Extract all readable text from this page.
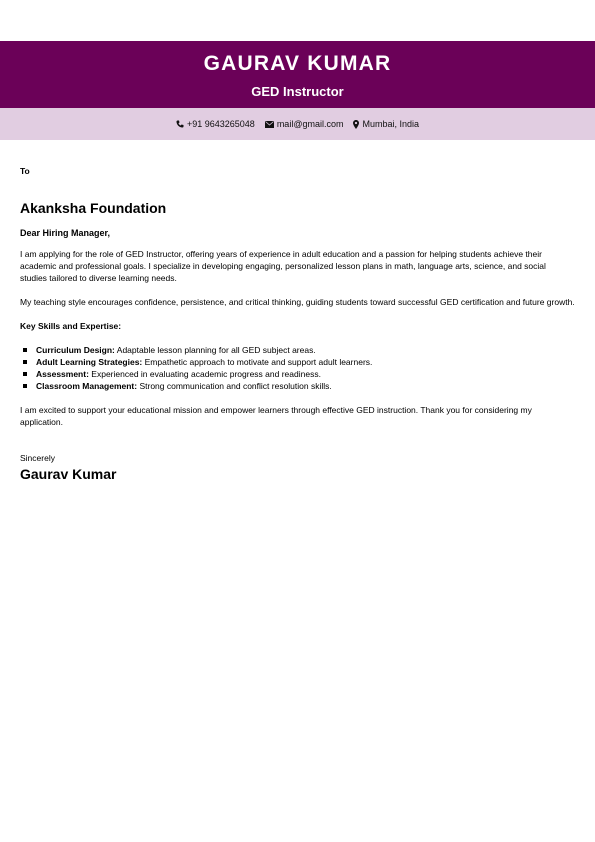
GAURAV KUMAR
GED Instructor
+91 9643265048 mail@gmail.com Mumbai, India

To

Akanksha Foundation

Dear Hiring Manager,

I am applying for the role of GED Instructor, offering years of experience in adult education and a passion for helping students achieve their academic and professional goals. I specialize in developing engaging, personalized lesson plans in math, language arts, science, and social studies tailored to diverse learning needs.

My teaching style encourages confidence, persistence, and critical thinking, guiding students toward successful GED certification and future growth.

Key Skills and Expertise:

Curriculum Design: Adaptable lesson planning for all GED subject areas.
Adult Learning Strategies: Empathetic approach to motivate and support adult learners.
Assessment: Experienced in evaluating academic progress and readiness.
Classroom Management: Strong communication and conflict resolution skills.

I am excited to support your educational mission and empower learners through effective GED instruction. Thank you for considering my application.

Sincerely

Gaurav Kumar
